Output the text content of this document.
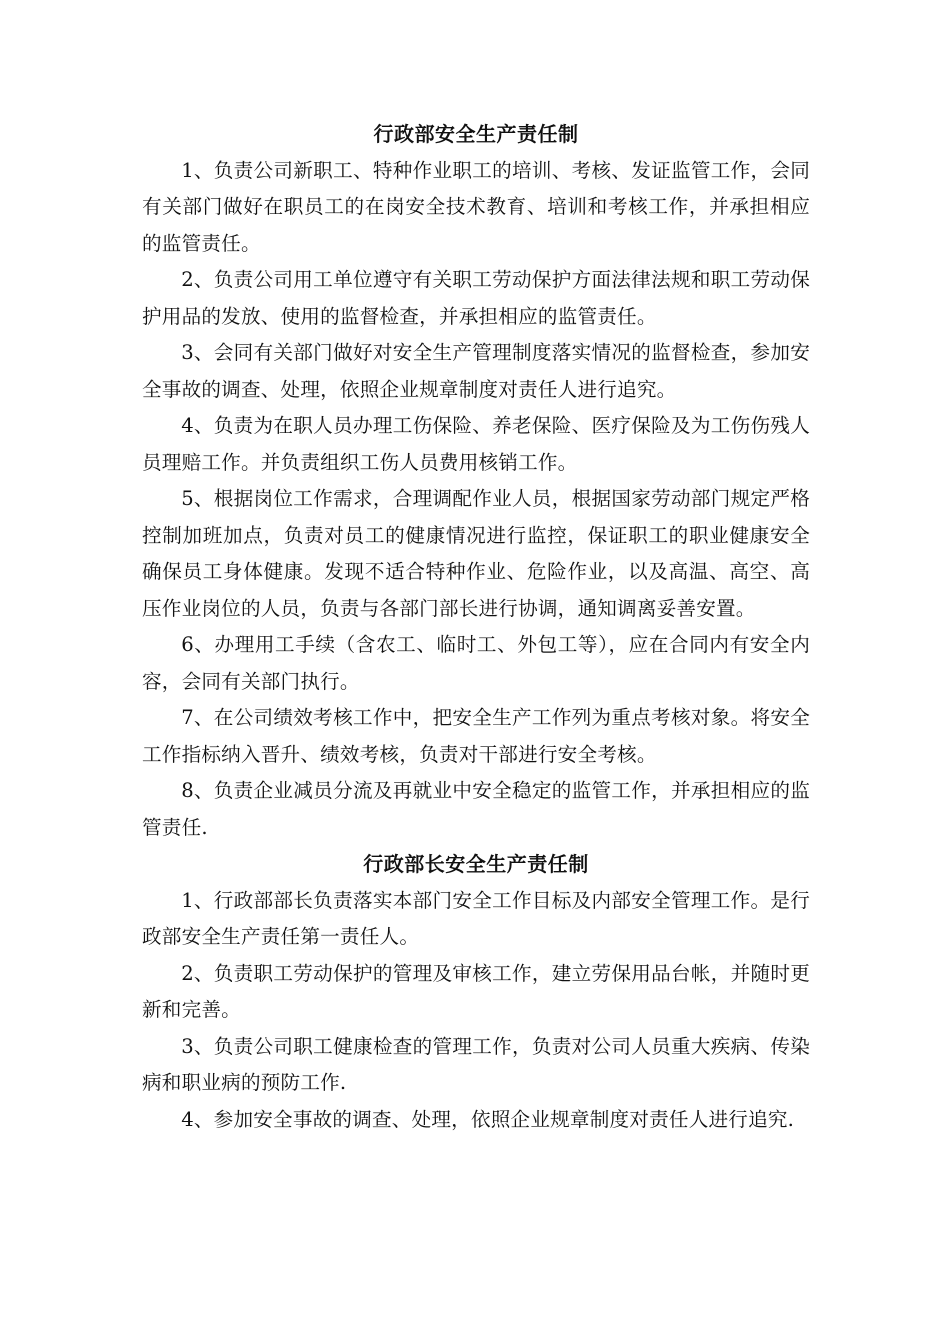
行政部安全生产责任制

1、负责公司新职工、特种作业职工的培训、考核、发证监管工作，会同有关部门做好在职员工的在岗安全技术教育、培训和考核工作，并承担相应的监管责任。

2、负责公司用工单位遵守有关职工劳动保护方面法律法规和职工劳动保护用品的发放、使用的监督检查，并承担相应的监管责任。

3、会同有关部门做好对安全生产管理制度落实情况的监督检查，参加安全事故的调查、处理，依照企业规章制度对责任人进行追究。

4、负责为在职人员办理工伤保险、养老保险、医疗保险及为工伤伤残人员理赔工作。并负责组织工伤人员费用核销工作。

5、根据岗位工作需求，合理调配作业人员，根据国家劳动部门规定严格控制加班加点，负责对员工的健康情况进行监控，保证职工的职业健康安全确保员工身体健康。发现不适合特种作业、危险作业，以及高温、高空、高压作业岗位的人员，负责与各部门部长进行协调，通知调离妥善安置。

6、办理用工手续（含农工、临时工、外包工等），应在合同内有安全内容，会同有关部门执行。

7、在公司绩效考核工作中，把安全生产工作列为重点考核对象。将安全工作指标纳入晋升、绩效考核，负责对干部进行安全考核。

8、负责企业减员分流及再就业中安全稳定的监管工作，并承担相应的监管责任.

行政部长安全生产责任制

1、行政部部长负责落实本部门安全工作目标及内部安全管理工作。是行政部安全生产责任第一责任人。

2、负责职工劳动保护的管理及审核工作，建立劳保用品台帐，并随时更新和完善。

3、负责公司职工健康检查的管理工作，负责对公司人员重大疾病、传染病和职业病的预防工作.

4、参加安全事故的调查、处理，依照企业规章制度对责任人进行追究.
